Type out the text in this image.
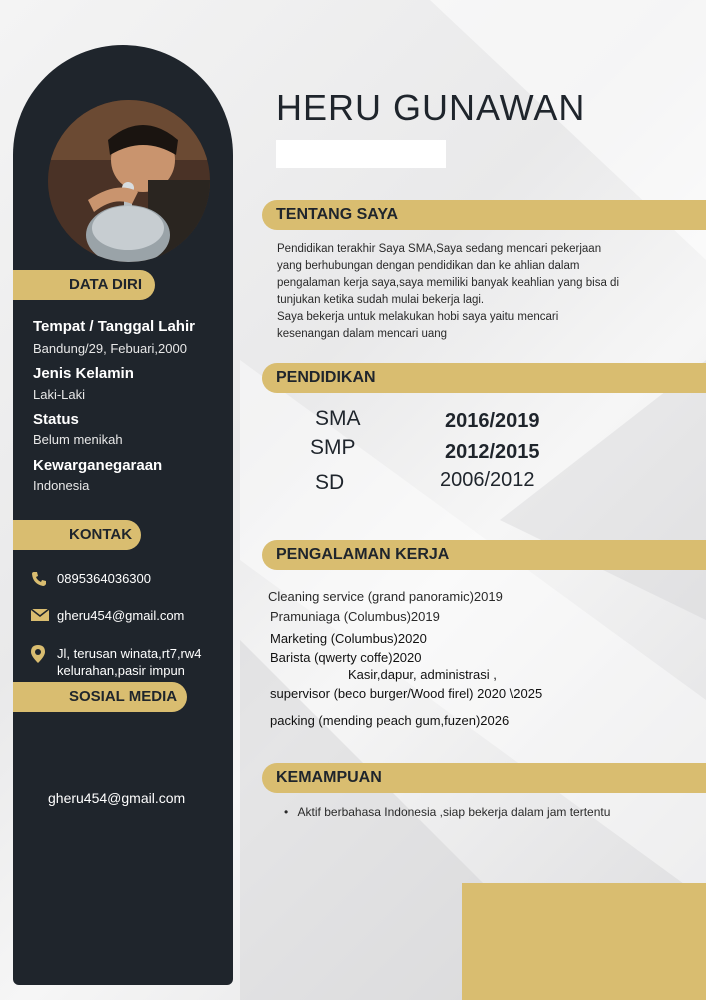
DATA DIRI
Tempat / Tanggal Lahir
Bandung/29, Febuari,2000
Jenis Kelamin
Laki-Laki
Status
Belum menikah
Kewarganegaraan
Indonesia
KONTAK
0895364036300
gheru454@gmail.com
Jl, terusan winata,rt7,rw4
kelurahan,pasir impun
SOSIAL MEDIA
gheru454@gmail.com
HERU GUNAWAN
TENTANG SAYA
Pendidikan terakhir Saya SMA,Saya sedang mencari pekerjaan
yang berhubungan dengan pendidikan dan ke ahlian dalam
pengalaman kerja saya,saya memiliki banyak keahlian yang bisa di
tunjukan ketika sudah mulai bekerja lagi.
Saya bekerja untuk melakukan hobi saya yaitu mencari
kesenangan dalam mencari uang
PENDIDIKAN
SMA	2016/2019
SMP	2012/2015
SD	2006/2012
PENGALAMAN KERJA
Cleaning service (grand panoramic)2019
Pramuniaga (Columbus)2019
Marketing (Columbus)2020
Barista (qwerty coffe)2020
Kasir,dapur, administrasi ,
supervisor (beco burger/Wood firel) 2020 \2025
packing (mending peach gum,fuzen)2026
KEMAMPUAN
• Aktif berbahasa Indonesia ,siap bekerja dalam jam tertentu
